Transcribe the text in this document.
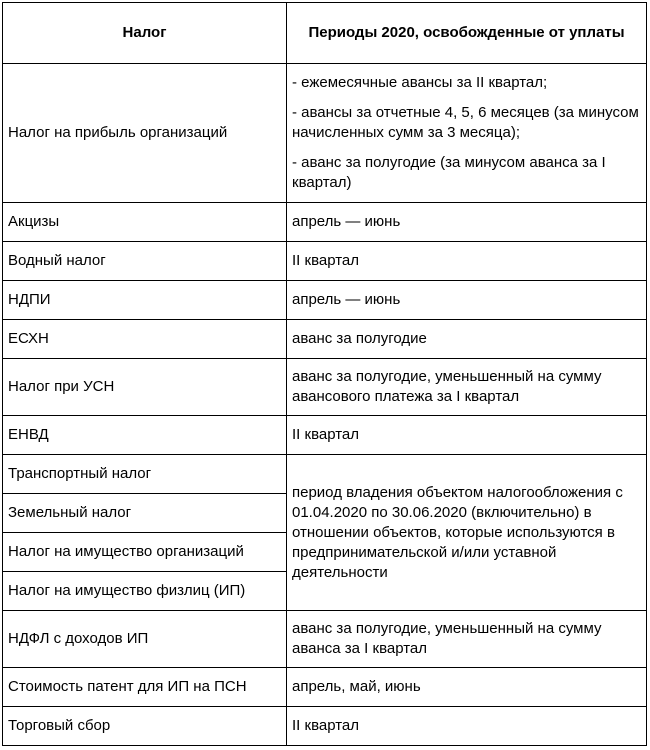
Налог	Периоды 2020, освобожденные от уплаты
Налог на прибыль организаций	- ежемесячные авансы за II квартал;

- авансы за отчетные 4, 5, 6 месяцев (за минусом начисленных сумм за 3 месяца);

- аванс за полугодие (за минусом аванса за I квартал)

Акцизы	апрель — июнь
Водный налог	II квартал
НДПИ	апрель — июнь
ЕСХН	аванс за полугодие
Налог при УСН	аванс за полугодие, уменьшенный на сумму авансового платежа за I квартал
ЕНВД	II квартал
Транспортный налог	период владения объектом налогообложения с 01.04.2020 по 30.06.2020 (включительно) в отношении объектов, которые используются в предпринимательской и/или уставной деятельности
Земельный налог	
Налог на имущество организаций	
Налог на имущество физлиц (ИП)	
НДФЛ с доходов ИП	аванс за полугодие, уменьшенный на сумму аванса за I квартал
Стоимость патент для ИП на ПСН	апрель, май, июнь
Торговый сбор	II квартал
